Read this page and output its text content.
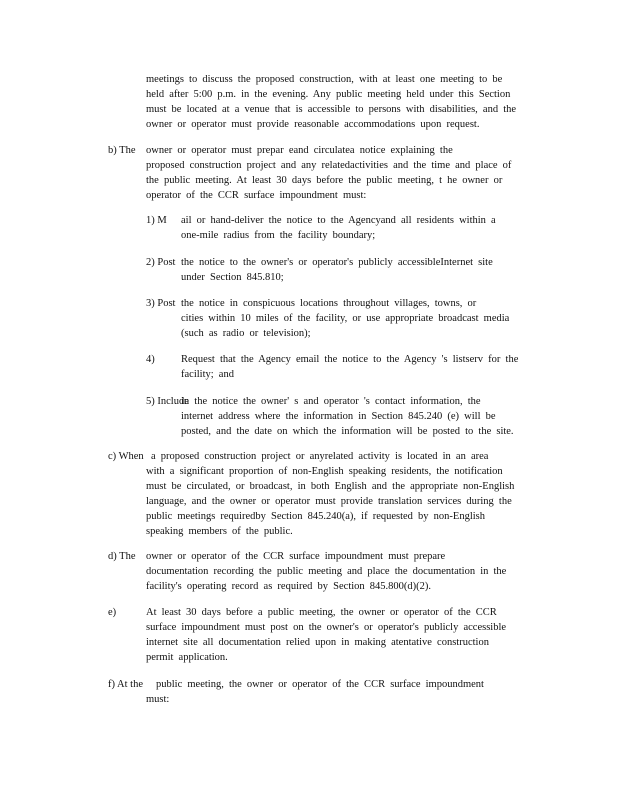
meetings to discuss the proposed construction, with at least one meeting to be
held after 5:00 p.m. in the evening. Any public meeting held under this Section
must be located at a venue that is accessible to persons with disabilities, and the
owner or operator must provide reasonable accommodations upon request.
b) The owner or operator must prepar eand circulatea notice explaining the
proposed construction project and any relatedactivities and the time and place of
the public meeting. At least 30 days before the public meeting, t he owner or
operator of the CCR surface impoundment must:
1) M ail or hand-deliver the notice to the Agencyand all residents within a
one-mile radius from the facility boundary;
2) Post the notice to the owner's or operator's publicly accessibleInternet site
under Section 845.810;
3) Post the notice in conspicuous locations throughout villages, towns, or
cities within 10 miles of the facility, or use appropriate broadcast media
(such as radio or television);
4)	Request that the Agency email the notice to the Agency 's listserv for the
facility; and
5) Include
in the notice the owner' s and operator 's contact information, the
internet address where the information in Section 845.240 (e) will be
posted, and the date on which the information will be posted to the site.
c) When a proposed construction project or anyrelated activity is located in an area
with a significant proportion of non-English speaking residents, the notification
must be circulated, or broadcast, in both English and the appropriate non-English
language, and the owner or operator must provide translation services during the
public meetings requiredby Section 845.240(a), if requested by non-English
speaking members of the public.
d) The owner or operator of the CCR surface impoundment must prepare
documentation recording the public meeting and place the documentation in the
facility's operating record as required by Section 845.800(d)(2).
e)	At least 30 days before a public meeting, the owner or operator of the CCR
surface impoundment must post on the owner's or operator's publicly accessible
internet site all documentation relied upon in making atentative construction
permit application.
f) At the public meeting, the owner or operator of the CCR surface impoundment
must:
